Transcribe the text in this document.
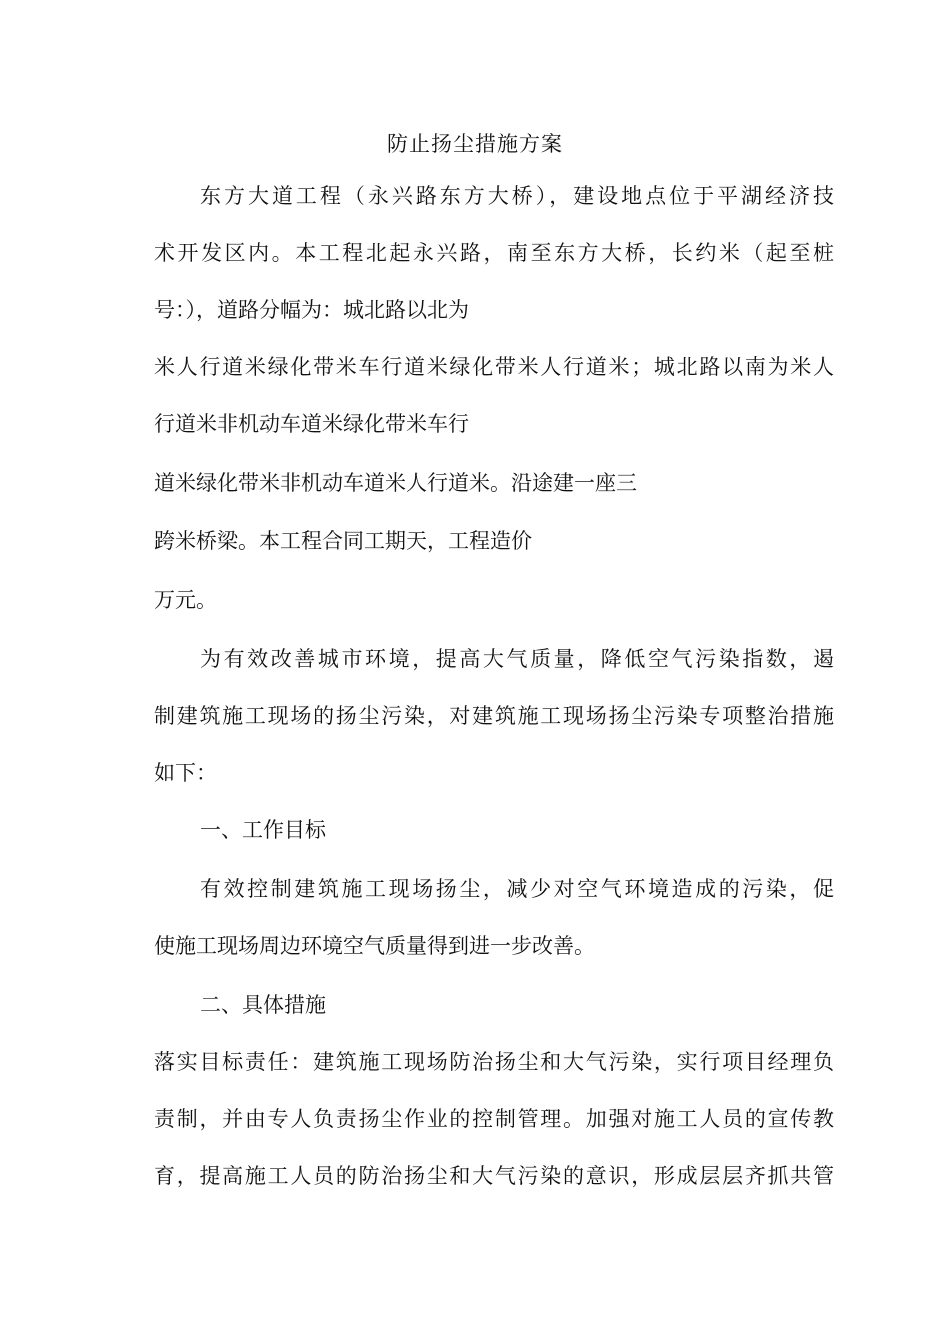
防止扬尘措施方案
东方大道工程（永兴路东方大桥），建设地点位于平湖经济技
术开发区内。本工程北起永兴路，南至东方大桥，长约米（起至桩
号：），道路分幅为：城北路以北为
米人行道米绿化带米车行道米绿化带米人行道米；城北路以南为米人
行道米非机动车道米绿化带米车行
道米绿化带米非机动车道米人行道米。沿途建一座三
跨米桥梁。本工程合同工期天，工程造价
万元。
为有效改善城市环境，提高大气质量，降低空气污染指数，遏
制建筑施工现场的扬尘污染，对建筑施工现场扬尘污染专项整治措施
如下：
一、工作目标
有效控制建筑施工现场扬尘，减少对空气环境造成的污染，促
使施工现场周边环境空气质量得到进一步改善。
二、具体措施
落实目标责任：建筑施工现场防治扬尘和大气污染，实行项目经理负
责制，并由专人负责扬尘作业的控制管理。加强对施工人员的宣传教
育，提高施工人员的防治扬尘和大气污染的意识，形成层层齐抓共管
